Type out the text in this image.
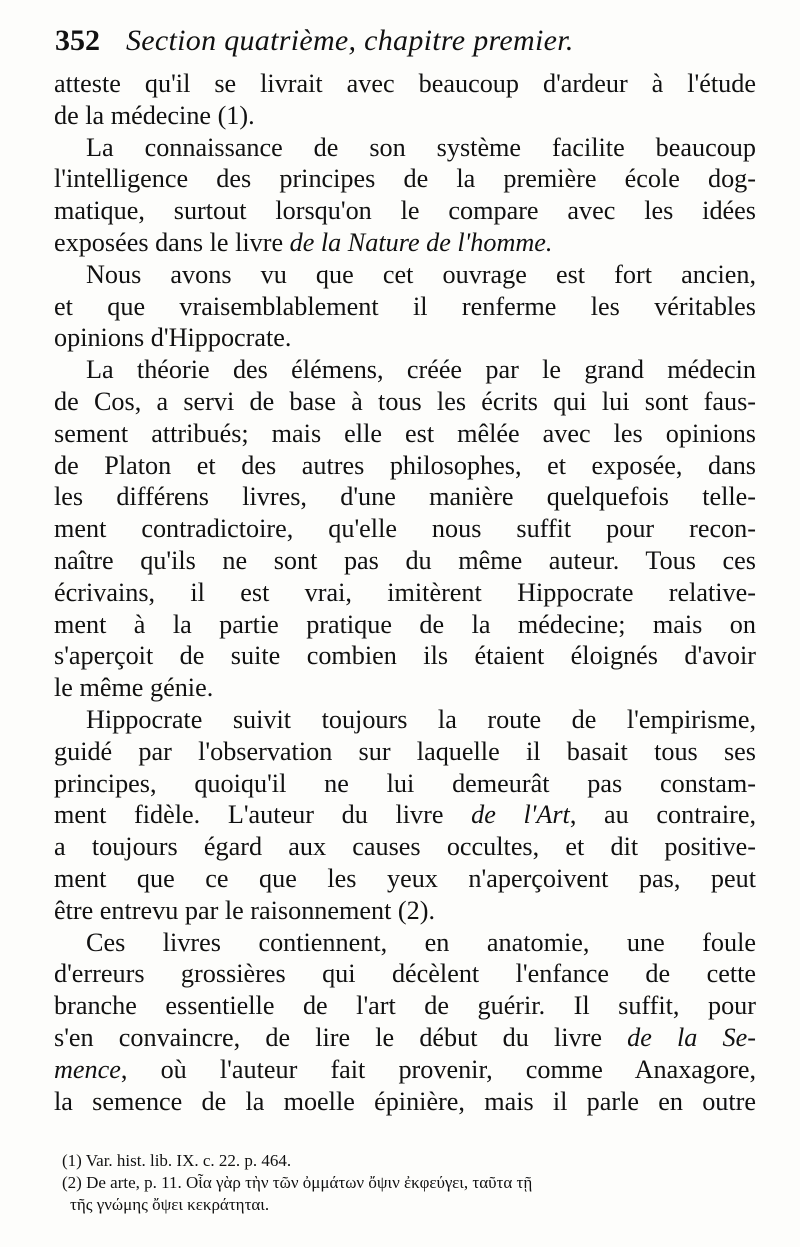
352 Section quatrième, chapitre premier.
atteste qu'il se livrait avec beaucoup d'ardeur à l'étude
de la médecine (1).
La connaissance de son système facilite beaucoup
l'intelligence des principes de la première école dog-
matique, surtout lorsqu'on le compare avec les idées
exposées dans le livre de la Nature de l'homme.
Nous avons vu que cet ouvrage est fort ancien,
et que vraisemblablement il renferme les véritables
opinions d'Hippocrate.
La théorie des élémens, créée par le grand médecin
de Cos, a servi de base à tous les écrits qui lui sont faus-
sement attribués; mais elle est mêlée avec les opinions
de Platon et des autres philosophes, et exposée, dans
les différens livres, d'une manière quelquefois telle-
ment contradictoire, qu'elle nous suffit pour recon-
naître qu'ils ne sont pas du même auteur. Tous ces
écrivains, il est vrai, imitèrent Hippocrate relative-
ment à la partie pratique de la médecine; mais on
s'aperçoit de suite combien ils étaient éloignés d'avoir
le même génie.
Hippocrate suivit toujours la route de l'empirisme,
guidé par l'observation sur laquelle il basait tous ses
principes, quoiqu'il ne lui demeurât pas constam-
ment fidèle. L'auteur du livre de l'Art, au contraire,
a toujours égard aux causes occultes, et dit positive-
ment que ce que les yeux n'aperçoivent pas, peut
être entrevu par le raisonnement (2).
Ces livres contiennent, en anatomie, une foule
d'erreurs grossières qui décèlent l'enfance de cette
branche essentielle de l'art de guérir. Il suffit, pour
s'en convaincre, de lire le début du livre de la Se-
mence, où l'auteur fait provenir, comme Anaxagore,
la semence de la moelle épinière, mais il parle en outre
(1) Var. hist. lib. IX. c. 22. p. 464.
(2) De arte, p. 11. Οἷα γὰρ τὴν τῶν ὀμμάτων ὄψιν ἐκφεύγει, ταῦτα τῇ
τῆς γνώμης ὄψει κεκράτηται.
